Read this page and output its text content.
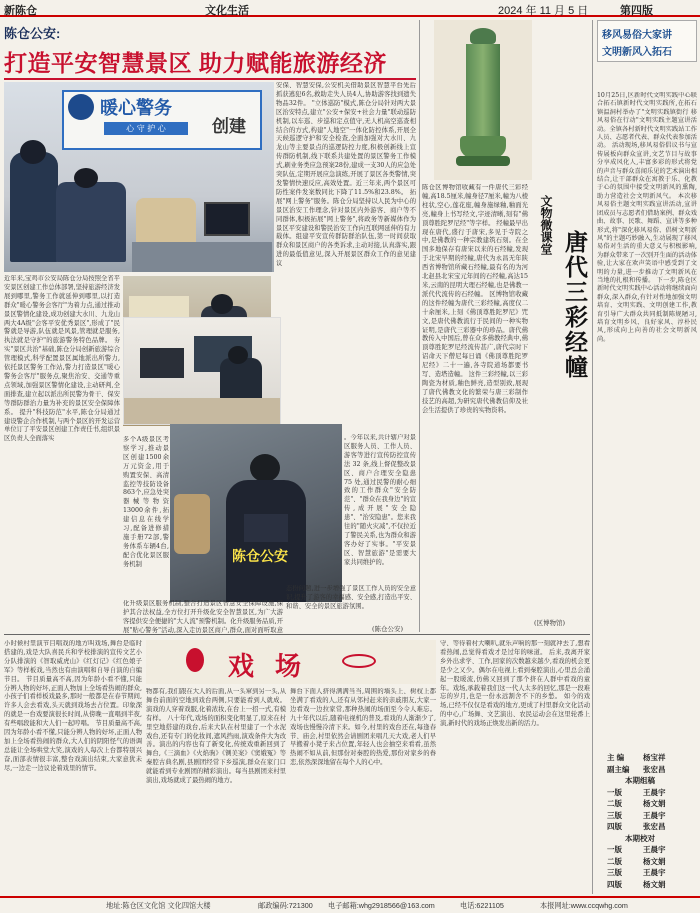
新陈仓	文化生活	2024 年 11 月 5 日	第四版
陈仓公安:
打造平安智慧景区 助力赋能旅游经济
暖心警务
创建
心 守 护 心
近年来,宝鸡市公安局陈仓分局按照全省平安景区创建工作总体部署,坚持旅游经济发展到哪里,警务工作就延伸到哪里,以打造群众"暖心警务会客厅"为着力点,通过推动景区警情化建设,成功创建大水川、九龙山两大4A级"会客平安优秀景区",形成了"民警就是导游,队伍就是风景,管理就是服务,执法就是守护"的旅游警务特色品牌。 夯实"景区共治"基础,陈仓分局创新旅游综合管理模式,科学配置景区属地派出所警力,依托景区警务工作站,警力打造景区"暖心警务会客厅"服务点,聚焦治安、交通等重点领域,加强景区警情化建设,主动研判,全面排查,建立起以派出所民警为骨干、保安等群防群治力量为补充的景区安全保障体系。 提升"科技防范"水平,陈仓分局通过建设警企合作机制,与两个景区的开发运营单位订了平安景区创建工作责任书,组织景区负责人全面落实
安保、智慧安保,公安机关借助景区智慧平台先后抓获逃犯6名,救助走失人员4人,协助游客找到遗失物品32件。 "立体巡防"模式,陈仓分局针对两大景区治安特点,建立"公安+保安+社会力量"联动巡防机制,以车巡、步巡和定点值守,无人机高空巡查相结合的方式,构建"人地空"一体化防控体系,开展全天候巡逻守护和安全检查,全面加强对大水川、九龙山等主要景点的巡逻防控力度,积极创新线上宣传群防机制,线下联系共建处置的景区警务工作模式,刷业务类应急预案28份,建成一支30人的应急处突队伍,定期开展应急演练,开展了景区各类警情,突发警情快速反应,高效处置。近三年来,两个景区可防性案件发案数同比下降了11.5%和23.8%。 拓展"网上警务"服务。陈仓分局坚持以人民为中心的景区治安工作理念,针对景区内外游客、商户等不同群体,积极拓展"网上警务",将政务等新媒体作为景区平安建设和警民治安工作向互联网延伸的有力载体。组建平安宣传群防群治队伍,第一时间获取群众和景区商户的各类诉求,主动对接,认真落实,跟进的最低值意见,深入开展景区群众工作的意见建议
。今年以来,共计辖户对景区服务人员、工作人员、游客等进行宣传防控宣传法 32 条,线上督促整改景区、商户合理安全隐患 75 处,通过民警的耐心细致的工作群众"安全防范"、"群众在我身边"的宣传,成开展"安全隐患"、"治安隐患"。您来我往的"随火灾减",不仅拉近了警民关系,也为群众和游客办好了实事。"平安景区、智慧旅游"是需要大家共同维护的。
多个A级景区考察学习,推动景区创建1500余万元资金,用于购置安保、高清监控等技防设备863个,应急处突器械等物资13000余件,拓建信息在线学习,配备进修措施手册72部,警务体系车辆4台,配合优化景区服务机制
陈仓公安
化升级景区服务机制,整合打造景区智慧安全保障设施,保护其合法权益,全方位打开升级化安全智慧景区,为广大游客提供安全便捷的"大人流"预警机制。化升级服务品质,开展"贴心警务"活动,深入走访景区商户,群众,面对面听取意
态扮问题,进一步增强了景区工作人员的安全意识,提升了游客的幸福感、安全感,打造出平安、和谐、安全的景区旅游氛围。
(陈仓公安)
陈仓区博物馆收藏有一件唐代三彩经幢,高18.5厘米,幢身径7厘米,幢为八棱柱状,空心,莲花座,幢身施绿釉,釉面光亮,幢身上书写经文,字迹清晰,刻有"佛顶尊胜陀罗尼经"等字样。 经幢最早出现在唐代,盛行于唐宋,多见于寺院之中,是佛教的一种宗教建筑石刻。在全国多地保存有唐宋以来的石经幢,发现于北宋早期的经幢,唐代为永昌无年陕西省博物馆所藏石经幢,最有名的为河北赵县北宋宝元年间的石经幢,高达15米,云南的昆明大理石经幢,也是佛教一派代代流传的石经幢。 区博物馆收藏的这件经幢为唐代三彩经幢,高度仅二十余厘米,上刻《佛顶尊胜陀罗尼》咒文,是唐代佛教流行于民间的一种实物证明,是唐代三彩器中的珍品。唐代佛教传入中国后,曾在众多佛教经典中,佛顶尊胜陀罗尼经流传甚广,唐代宗时下诏命天下僧尼每日诵《佛顶尊胜陀罗尼经》二十一遍,各寺院道场都要书写、造塔造幢。 这件三彩经幢,以三彩陶瓷为材质,釉色鲜亮,造型别致,展现了唐代佛教文化的繁荣与唐三彩制作技艺的高超,为研究唐代佛教信仰及社会生活提供了珍贵的实物资料。
(区博物馆)
文物微课堂
唐代三彩经幢
移风易俗大家讲
文明新风入拓石
10月25日,区新时代文明实践中心联合拓石镇新时代文明实践所,在拓石镇温洞村举办了"文明实践镇街行 移风易俗在行动"文明实践主题宣讲活动。全镇各村新时代文明实践站工作人员、志愿者代表、群众代表参加活动。 活动现场,移风易俗倡议书与宣传展板向群众宣讲,文艺节目与故事分享成风化人,丰富多彩的形式将党的声音与群众喜闻乐见的艺术演出相结合,让干部群众在寓教于乐、化教于心的氛围中接受文明新风的熏陶,助力营造社会文明新风气。 本次移风易俗主题文明实践宣讲活动,宣讲团成员与志愿者们借助案例、群众戏曲、故事、民歌、舞蹈、宣讲等多种形式,将"深化移风易俗、倡树文明新风"的主题巧妙融入,生动展现了移风易俗对生活的重大意义与积极影响,为群众带来了一次别开生面的活动体验,让大家在欢声笑语中感受到了文明的力量,进一步推动了文明新风在当地的扎根和传播。 下一步,陈仓区新时代文明实践中心活动将继续面向群众,深入群众,有针对性地加强文明培育、文明实践、文明创建工作,教育引导广大群众共同抵制陈规陋习,培育文明乡风、良好家风、淳朴民风,形成向上向善的社会文明新风尚。
主 编	杨宝祥
副主编 张宏昌
本期组稿
一版	王晨宇
二版	杨文娟
三版	王晨宇
四版	张宏昌
本期校对
一版	王晨宇
二版	杨文娟
三版	王晨宇
四版	杨文娟
小时候村里演节目唱戏的地方叫戏场,舞台是临时搭建的,戏是大队喜民兵和学校排演的宣传文艺小分队排演的《智取威虎山》《红灯记》《红色娘子军》等样板戏,当然也有由演唱和自导自演的自编节目。 节目质量高不高,因为年龄小看不懂,只能分辨人物的好坏,正面人物加上全场看热闹的群众,小孩子们看样板戏最多,那时一般都是在春节期间,许多人会去看戏,头天就到戏场去占位置。印象深的就是一台戏要演很长时间,从傍晚一直唱到半夜,有些唱段能和大人们一起哼唱。 节目质量高不高,因为年龄小看不懂,只能分辨人物的好坏,正面人物加上全场看热闹的群众,大人们的阴阳怪气的语调总能让全场哄堂大笑,演戏的人每次上台都特别兴奋,面部表情很丰富,整台戏演出结束,大家意犹未尽,一边走一边议论着戏里的情节。
戏 场
物都有,我们跟在大人的后面,从一头窜到另一头,从舞台前面的空地到戏台两侧,只要能看到人就成。演戏的人穿着戏服,化着浓妆,在台上一招一式,有模有样。 八十年代,戏场的面积变化明显了,原来在村里空地搭建的戏台,后来大队在村里建了一个水泥戏台,还有专门的化妆间,遮风挡雨,演戏条件大为改善。演出的内容也有了新变化,传统戏重新回到了舞台,《三滴血》《火焰驹》《铡美案》《窦娥冤》等秦腔古典名剧,县剧团经常下乡巡演,群众在家门口就能看到专业剧团的精彩演出。每当县剧团来村里演出,戏场就成了最热闹的地方。
舞台下面人挤得满满当当,周围的墙头上、树杈上都坐满了看戏的人,还有从邻村赶来的亲戚朋友,大家一边看戏一边拉家常,那种热闹的场面至今令人难忘。 九十年代以后,随着电视机的普及,看戏的人渐渐少了,戏场也慢慢冷清下来。如今,村里的戏台还在,每逢春节、庙会,村里依然会请剧团来唱几天大戏,老人们早早搬着小凳子来占位置,年轻人也会抽空来看看,虽然热闹不如从前,但那份对秦腔的热爱,那份对家乡的眷恋,依然深深地留在每个人的心中。
守、等待着村大喇叭,就乐声响的那一刻就冲去了,想看看热闹,总觉得看戏才是过年的味道。 后来,我离开家乡外出求学、工作,回家的次数越来越少,看戏的机会更是少之又少。偶尔在电视上看到秦腔演出,心里总会涌起一股暖流,仿佛又回到了那个挤在人群中看戏的童年。戏场,承载着我们这一代人太多的回忆,那是一段难忘的岁月,也是一份永远割舍不下的乡愁。 如今的戏场,已经不仅仅是看戏的地方,更成了村里群众文化活动的中心,广场舞、文艺演出、农民运动会在这里轮番上演,新时代的戏场正焕发出新的活力。
地址:陈仓区文化馆 文化四馆大楼	邮政编码:721300 电子邮箱:whg2918566@163.com	电话:6221105	本报网址:www.ccqwhg.com
